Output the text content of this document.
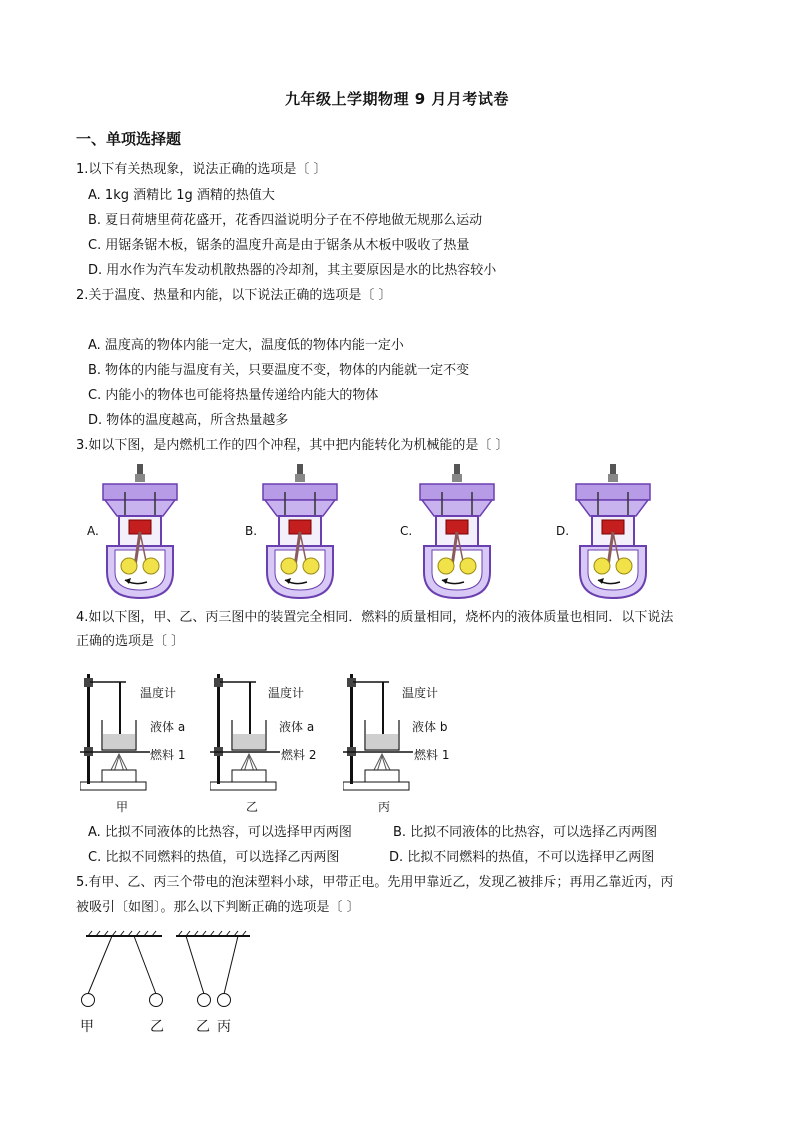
九年级上学期物理 9 月月考试卷
一、单项选择题
1.以下有关热现象，说法正确的选项是〔 〕
A. 1kg 酒精比 1g 酒精的热值大
B. 夏日荷塘里荷花盛开，花香四溢说明分子在不停地做无规那么运动
C. 用锯条锯木板，锯条的温度升高是由于锯条从木板中吸收了热量
D. 用水作为汽车发动机散热器的冷却剂，其主要原因是水的比热容较小
2.关于温度、热量和内能，以下说法正确的选项是〔 〕
A. 温度高的物体内能一定大，温度低的物体内能一定小
B. 物体的内能与温度有关，只要温度不变，物体的内能就一定不变
C. 内能小的物体也可能将热量传递给内能大的物体
D. 物体的温度越高，所含热量越多
3.如以下图，是内燃机工作的四个冲程，其中把内能转化为机械能的是〔 〕
A.	B.	C.	D.
4.如以下图，甲、乙、丙三图中的装置完全相同．燃料的质量相同，烧杯内的液体质量也相同．以下说法
正确的选项是〔 〕
温度计
液体 a
燃料 1
甲
温度计
液体 a
燃料 2
乙
温度计
液体 b
燃料 1
丙
A. 比拟不同液体的比热容，可以选择甲丙两图	B. 比拟不同液体的比热容，可以选择乙丙两图
C. 比拟不同燃料的热值，可以选择乙丙两图	D. 比拟不同燃料的热值，不可以选择甲乙两图
5.有甲、乙、丙三个带电的泡沫塑料小球，甲带正电。先用甲靠近乙，发现乙被排斥；再用乙靠近丙，丙
被吸引〔如图〕。那么以下判断正确的选项是〔 〕
甲	乙 乙 丙
